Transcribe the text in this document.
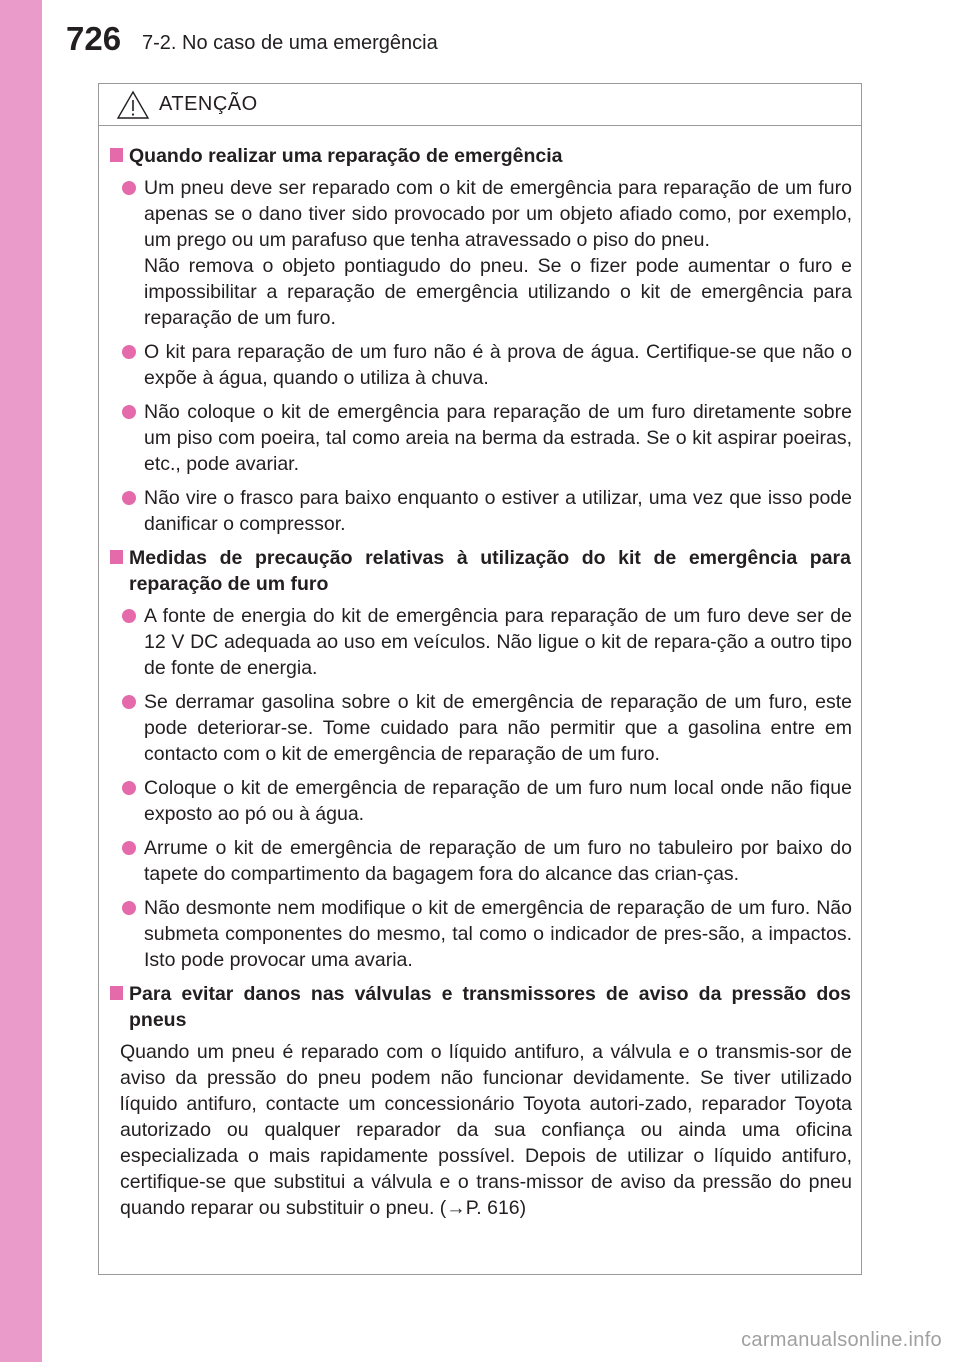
726 7-2. No caso de uma emergência
ATENÇÃO
Quando realizar uma reparação de emergência
Um pneu deve ser reparado com o kit de emergência para reparação de um furo apenas se o dano tiver sido provocado por um objeto afiado como, por exemplo, um prego ou um parafuso que tenha atravessado o piso do pneu.
Não remova o objeto pontiagudo do pneu. Se o fizer pode aumentar o furo e impossibilitar a reparação de emergência utilizando o kit de emergência para reparação de um furo.
O kit para reparação de um furo não é à prova de água. Certifique-se que não o expõe à água, quando o utiliza à chuva.
Não coloque o kit de emergência para reparação de um furo diretamente sobre um piso com poeira, tal como areia na berma da estrada. Se o kit aspirar poeiras, etc., pode avariar.
Não vire o frasco para baixo enquanto o estiver a utilizar, uma vez que isso pode danificar o compressor.
Medidas de precaução relativas à utilização do kit de emergência para reparação de um furo
A fonte de energia do kit de emergência para reparação de um furo deve ser de 12 V DC adequada ao uso em veículos. Não ligue o kit de repara-ção a outro tipo de fonte de energia.
Se derramar gasolina sobre o kit de emergência de reparação de um furo, este pode deteriorar-se. Tome cuidado para não permitir que a gasolina entre em contacto com o kit de emergência de reparação de um furo.
Coloque o kit de emergência de reparação de um furo num local onde não fique exposto ao pó ou à água.
Arrume o kit de emergência de reparação de um furo no tabuleiro por baixo do tapete do compartimento da bagagem fora do alcance das crian-ças.
Não desmonte nem modifique o kit de emergência de reparação de um furo. Não submeta componentes do mesmo, tal como o indicador de pres-são, a impactos. Isto pode provocar uma avaria.
Para evitar danos nas válvulas e transmissores de aviso da pressão dos pneus
Quando um pneu é reparado com o líquido antifuro, a válvula e o transmis-sor de aviso da pressão do pneu podem não funcionar devidamente. Se tiver utilizado líquido antifuro, contacte um concessionário Toyota autori-zado, reparador Toyota autorizado ou qualquer reparador da sua confiança ou ainda uma oficina especializada o mais rapidamente possível. Depois de utilizar o líquido antifuro, certifique-se que substitui a válvula e o trans-missor de aviso da pressão do pneu quando reparar ou substituir o pneu. (→P. 616)
carmanualsonline.info
